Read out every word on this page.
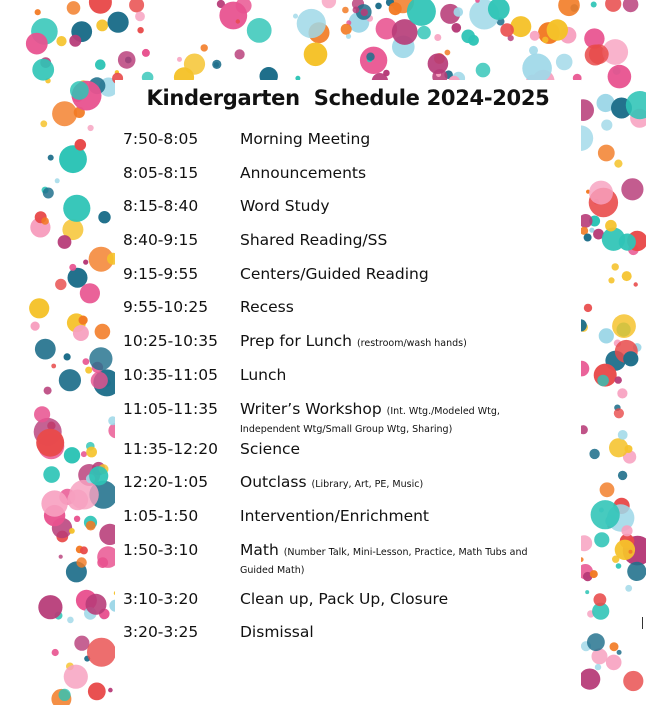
Kindergarten  Schedule 2024-2025
7:50-8:05	Morning Meeting
8:05-8:15	Announcements
8:15-8:40	Word Study
8:40-9:15	Shared Reading/SS
9:15-9:55	Centers/Guided Reading
9:55-10:25	Recess
10:25-10:35	Prep for Lunch (restroom/wash hands)
10:35-11:05	Lunch
11:05-11:35	Writer’s Workshop (Int. Wtg./Modeled Wtg, Independent Wtg/Small Group Wtg, Sharing)
11:35-12:20	Science
12:20-1:05	Outclass (Library, Art, PE, Music)
1:05-1:50	Intervention/Enrichment
1:50-3:10	Math (Number Talk, Mini-Lesson, Practice, Math Tubs and Guided Math)
3:10-3:20	Clean up, Pack Up, Closure
3:20-3:25	Dismissal
